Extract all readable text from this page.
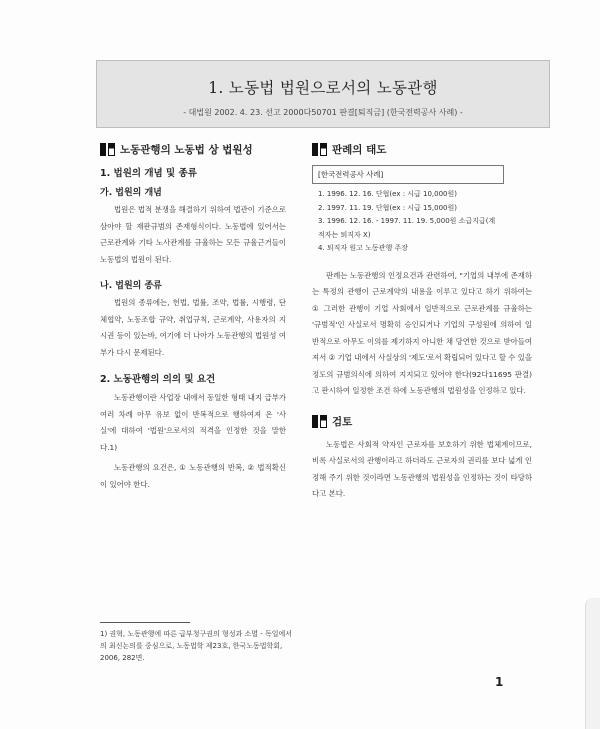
1. 노동법 법원으로서의 노동관행
- 대법원 2002. 4. 23. 선고 2000다50701 판결[퇴직금] (한국전력공사 사례) -
노동관행의 노동법 상 법원성
1. 법원의 개념 및 종류
가. 법원의 개념

법원은 법적 분쟁을 해결하기 위하여 법관이 기준으로 삼아야 할 재판규범의 존재형식이다. 노동법에 있어서는 근로관계와 기타 노사관계를 규율하는 모든 규율근거들이 노동법의 법원이 된다.

나. 법원의 종류

법원의 종류에는, 헌법, 법률, 조약, 법률, 시행령, 단체협약, 노동조합 규약, 취업규칙, 근로계약, 사용자의 지시권 등이 있는바, 여기에 더 나아가 노동관행의 법원성 여부가 다시 문제된다.

2. 노동관행의 의의 및 요건

노동관행이란 사업장 내에서 동일한 형태 내지 급부가 여러 차례 아무 유보 없이 반복적으로 행하여져 온 '사실'에 대하여 '법원'으로서의 적격을 인정한 것을 말한다.1)

노동관행의 요건은, ① 노동관행의 반복, ② 법적확신이 있어야 한다.

판례의 태도
[한국전력공사 사례]
1. 1996. 12. 16. 단협(ex : 시급 10,000원)
2. 1997. 11. 19. 단협(ex : 시급 15,000원)
3. 1996. 12. 16. - 1997. 11. 19. 5,000원 소급지급(계
적자는 퇴직자 X)
4. 퇴직자 원고 노동관행 주장

판례는 노동관행의 인정요건과 관련하여, "기업의 내부에 존재하는 특정의 관행이 근로계약의 내용을 이루고 있다고 하기 위하여는 ① 그러한 관행이 기업 사회에서 일반적으로 근로관계를 규율하는 '규범적'인 사실로서 명확히 승인되거나 기업의 구성원에 의하여 일반적으로 아무도 이의를 제기하지 아니한 채 당연한 것으로 받아들여져서 ② 기업 내에서 사실상의 '제도'로서 확립되어 있다고 할 수 있을 정도의 규범의식에 의하여 지지되고 있어야 한다(92다11695 판결)고 판시하여 일정한 조건 하에 노동관행의 법원성을 인정하고 있다.

검토

노동법은 사회적 약자인 근로자를 보호하기 위한 법체계이므로, 비록 사실로서의 관행이라고 하더라도 근로자의 권리를 보다 넓게 인정해 주기 위한 것이라면 노동관행의 법원성을 인정하는 것이 타당하다고 본다.

1) 권혁, 노동관행에 따른 급부청구권의 형성과 소멸 - 독일에서의 최신논의를 중심으로, 노동법학 제23호, 한국노동법학회, 2006, 282면.
1
